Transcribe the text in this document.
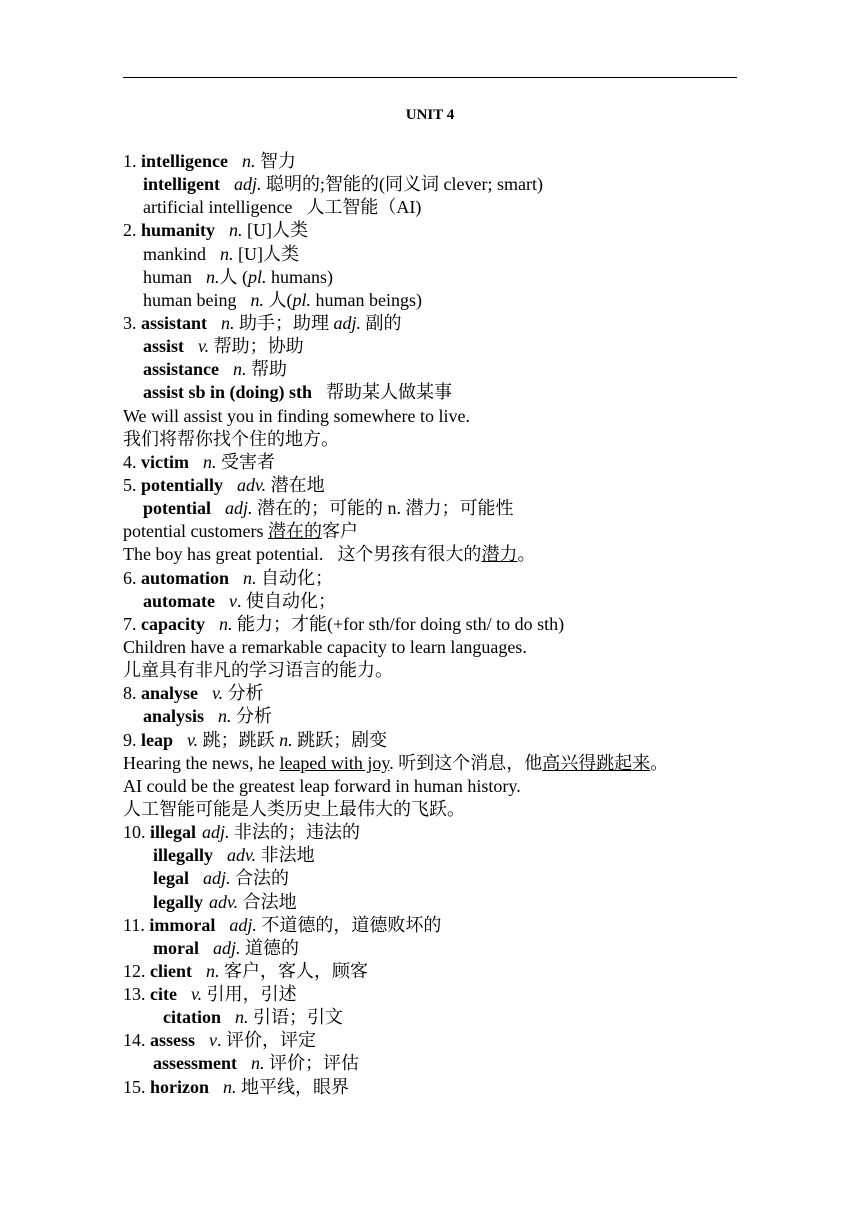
UNIT 4
1. intelligence n. 智力
intelligent adj. 聪明的;智能的(同义词 clever; smart)
artificial intelligence 人工智能（AI)
2. humanity n. [U]人类
mankind n. [U]人类
human n.人 (pl. humans)
human being n. 人(pl. human beings)
3. assistant n. 助手；助理 adj. 副的
assist v. 帮助；协助
assistance n. 帮助
assist sb in (doing) sth 帮助某人做某事
We will assist you in finding somewhere to live.
我们将帮你找个住的地方。
4. victim n. 受害者
5. potentially adv. 潜在地
potential adj. 潜在的；可能的 n. 潜力；可能性
potential customers 潜在的客户
The boy has great potential. 这个男孩有很大的潜力。
6. automation n. 自动化；
automate v. 使自动化；
7. capacity n. 能力；才能(+for sth/for doing sth/ to do sth)
Children have a remarkable capacity to learn languages.
儿童具有非凡的学习语言的能力。
8. analyse v. 分析
analysis n. 分析
9. leap v. 跳；跳跃 n. 跳跃；剧变
Hearing the news, he leaped with joy. 听到这个消息，他高兴得跳起来。
AI could be the greatest leap forward in human history.
人工智能可能是人类历史上最伟大的飞跃。
10. illegal adj. 非法的；违法的
illegally adv. 非法地
legal adj. 合法的
legally adv. 合法地
11. immoral adj. 不道德的，道德败坏的
moral adj. 道德的
12. client n. 客户，客人，顾客
13. cite v. 引用，引述
citation n. 引语；引文
14. assess v. 评价，评定
assessment n. 评价；评估
15. horizon n. 地平线，眼界
